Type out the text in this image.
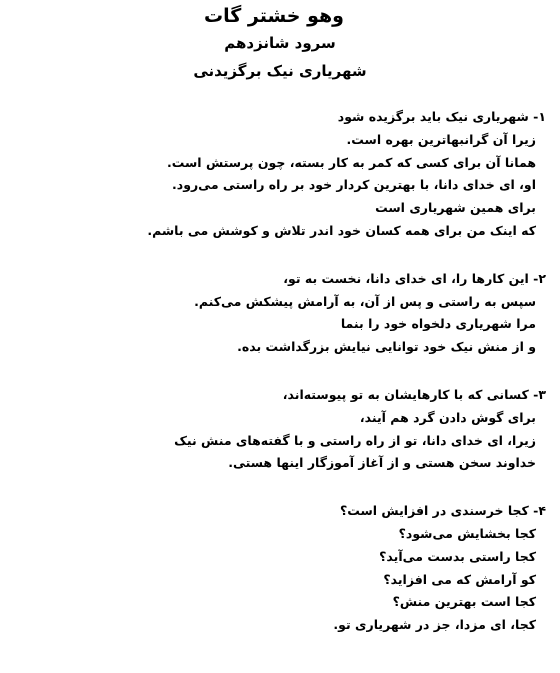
وهو خشتر گات
سرود شانزدهم
شهریاری نیک برگزیدنی
۱- شهریاری نیک باید برگزیده شود
زیرا آن گرانبهاترین بهره است.
همانا آن برای کسی که کمر به کار بسته، چون پرستش است.
او، ای خدای دانا، با بهترین کردار خود بر راه راستی می‌رود.
برای همین شهریاری است
که اینک من برای همه کسان خود اندر تلاش و کوشش می باشم.
۲- این کارها را، ای خدای دانا، نخست به تو،
سپس به راستی و پس از آن، به آرامش پیشکش می‌کنم.
مرا شهریاری دلخواه خود را بنما
و از منش نیک خود توانایی نیایش بزرگداشت بده.
۳- کسانی که با کارهایشان به تو پیوسته‌اند،
برای گوش دادن گرد هم آیند،
زیرا، ای خدای دانا، تو از راه راستی و با گفته‌های منش نیک
خداوند سخن هستی و از آغاز آموزگار اینها هستی.
۴- کجا خرسندی در افزایش است؟
کجا بخشایش می‌شود؟
کجا راستی بدست می‌آید؟
کو آرامش که می افزاید؟
کجا است بهترین منش؟
کجا، ای مزدا، جز در شهریاری تو.
